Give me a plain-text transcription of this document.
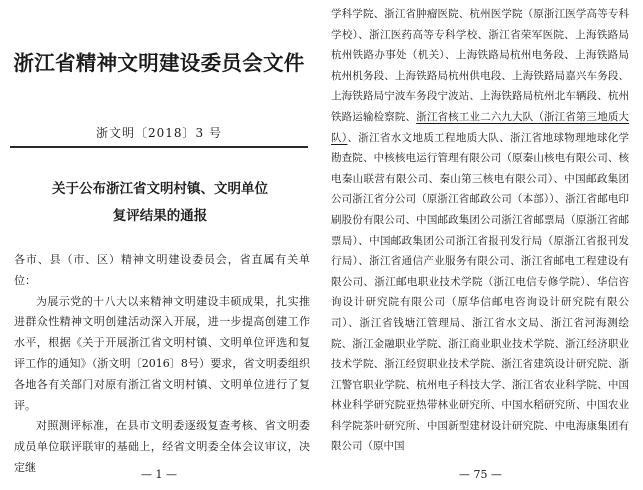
浙江省精神文明建设委员会文件
浙文明〔2018〕3 号
关于公布浙江省文明村镇、文明单位
复评结果的通报

各市、县（市、区）精神文明建设委员会，省直属有关单位：

为展示党的十八大以来精神文明建设丰硕成果，扎实推进群众性精神文明创建活动深入开展，进一步提高创建工作水平，根据《关于开展浙江省文明村镇、文明单位评选和复评工作的通知》（浙文明〔2016〕8号）要求，省文明委组织各地各有关部门对原有浙江省文明村镇、文明单位进行了复评。

对照测评标准，在县市文明委逐级复查考核、省文明委成员单位联评联审的基础上，经省文明委全体会议审议，决定继

— 1 —

学科学院、浙江省肿瘤医院、杭州医学院（原浙江医学高等专科学校）、浙江医药高等专科学校、浙江省荣军医院、上海铁路局杭州铁路办事处（机关）、上海铁路局杭州电务段、上海铁路局杭州机务段、上海铁路局杭州供电段、上海铁路局嘉兴车务段、上海铁路局宁波车务段宁波站、上海铁路局杭州北车辆段、杭州铁路运输检察院、浙江省核工业二六九大队（浙江省第三地质大队）、浙江省水文地质工程地质大队、浙江省地球物理地球化学勘查院、中核核电运行管理有限公司（原秦山核电有限公司、核电秦山联营有限公司、秦山第三核电有限公司）、中国邮政集团公司浙江省分公司（原浙江省邮政公司（本部））、浙江省邮电印刷股份有限公司、中国邮政集团公司浙江省邮票局（原浙江省邮票局）、中国邮政集团公司浙江省报刊发行局（原浙江省报刊发行局）、浙江省通信产业服务有限公司、浙江省邮电工程建设有限公司、浙江邮电职业技术学院（浙江电信专修学院）、华信咨询设计研究院有限公司（原华信邮电咨询设计研究院有限公司）、浙江省钱塘江管理局、浙江省水文局、浙江省河海测绘院、浙江金融职业学院、浙江商业职业技术学院、浙江经济职业技术学院、浙江经贸职业技术学院、浙江省建筑设计研究院、浙江警官职业学院、杭州电子科技大学、浙江省农业科学院、中国林业科学研究院亚热带林业研究所、中国水稻研究所、中国农业科学院茶叶研究所、中国新型建材设计研究院、中电海康集团有限公司（原中国

— 75 —
